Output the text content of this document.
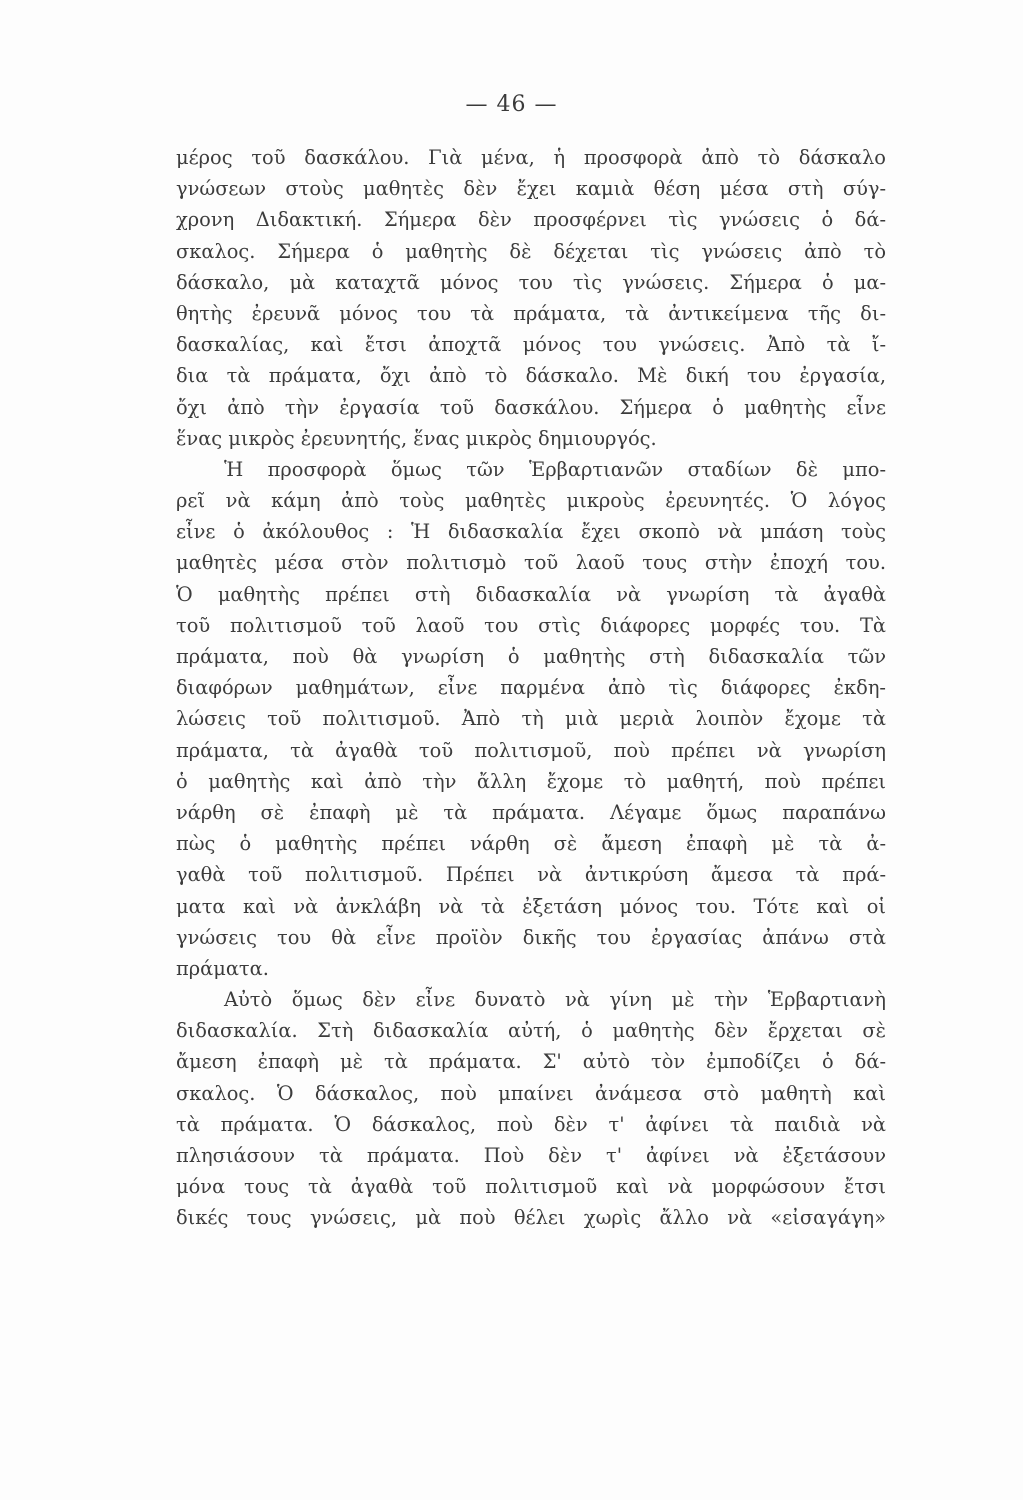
— 46 —
μέρος τοῦ δασκάλου. Γιὰ μένα, ἡ προσφορὰ ἀπὸ τὸ δάσκαλο
γνώσεων στοὺς μαθητὲς δὲν ἔχει καμιὰ θέση μέσα στὴ σύγ-
χρονη Διδακτική. Σήμερα δὲν προσφέρνει τὶς γνώσεις ὁ δά-
σκαλος. Σήμερα ὁ μαθητὴς δὲ δέχεται τὶς γνώσεις ἀπὸ τὸ
δάσκαλο, μὰ καταχτᾶ μόνος του τὶς γνώσεις. Σήμερα ὁ μα-
θητὴς ἐρευνᾶ μόνος του τὰ πράματα, τὰ ἀντικείμενα τῆς δι-
δασκαλίας, καὶ ἔτσι ἀποχτᾶ μόνος του γνώσεις. Ἀπὸ τὰ ἴ-
δια τὰ πράματα, ὄχι ἀπὸ τὸ δάσκαλο. Μὲ δική του ἐργασία,
ὄχι ἀπὸ τὴν ἐργασία τοῦ δασκάλου. Σήμερα ὁ μαθητὴς εἶνε
ἕνας μικρὸς ἐρευνητής, ἕνας μικρὸς δημιουργός.
Ἡ προσφορὰ ὅμως τῶν Ἑρβαρτιανῶν σταδίων δὲ μπο-
ρεῖ νὰ κάμη ἀπὸ τοὺς μαθητὲς μικροὺς ἐρευνητές. Ὁ λόγος
εἶνε ὁ ἀκόλουθος : Ἡ διδασκαλία ἔχει σκοπὸ νὰ μπάση τοὺς
μαθητὲς μέσα στὸν πολιτισμὸ τοῦ λαοῦ τους στὴν ἐποχή του.
Ὁ μαθητὴς πρέπει στὴ διδασκαλία νὰ γνωρίση τὰ ἀγαθὰ
τοῦ πολιτισμοῦ τοῦ λαοῦ του στὶς διάφορες μορφές του. Τὰ
πράματα, ποὺ θὰ γνωρίση ὁ μαθητὴς στὴ διδασκαλία τῶν
διαφόρων μαθημάτων, εἶνε παρμένα ἀπὸ τὶς διάφορες ἐκδη-
λώσεις τοῦ πολιτισμοῦ. Ἀπὸ τὴ μιὰ μεριὰ λοιπὸν ἔχομε τὰ
πράματα, τὰ ἀγαθὰ τοῦ πολιτισμοῦ, ποὺ πρέπει νὰ γνωρίση
ὁ μαθητὴς καὶ ἀπὸ τὴν ἄλλη ἔχομε τὸ μαθητή, ποὺ πρέπει
νάρθη σὲ ἐπαφὴ μὲ τὰ πράματα. Λέγαμε ὅμως παραπάνω
πὼς ὁ μαθητὴς πρέπει νάρθη σὲ ἄμεση ἐπαφὴ μὲ τὰ ἀ-
γαθὰ τοῦ πολιτισμοῦ. Πρέπει νὰ ἀντικρύση ἄμεσα τὰ πρά-
ματα καὶ νὰ ἀνκλάβη νὰ τὰ ἐξετάση μόνος του. Τότε καὶ οἱ
γνώσεις του θὰ εἶνε προϊὸν δικῆς του ἐργασίας ἀπάνω στὰ
πράματα.
Αὐτὸ ὅμως δὲν εἶνε δυνατὸ νὰ γίνη μὲ τὴν Ἑρβαρτιανὴ
διδασκαλία. Στὴ διδασκαλία αὐτή, ὁ μαθητὴς δὲν ἔρχεται σὲ
ἄμεση ἐπαφὴ μὲ τὰ πράματα. Σ' αὐτὸ τὸν ἐμποδίζει ὁ δά-
σκαλος. Ὁ δάσκαλος, ποὺ μπαίνει ἀνάμεσα στὸ μαθητὴ καὶ
τὰ πράματα. Ὁ δάσκαλος, ποὺ δὲν τ' ἀφίνει τὰ παιδιὰ νὰ
πλησιάσουν τὰ πράματα. Ποὺ δὲν τ' ἀφίνει νὰ ἐξετάσουν
μόνα τους τὰ ἀγαθὰ τοῦ πολιτισμοῦ καὶ νὰ μορφώσουν ἔτσι
δικές τους γνώσεις, μὰ ποὺ θέλει χωρὶς ἄλλο νὰ «εἰσαγάγη»
